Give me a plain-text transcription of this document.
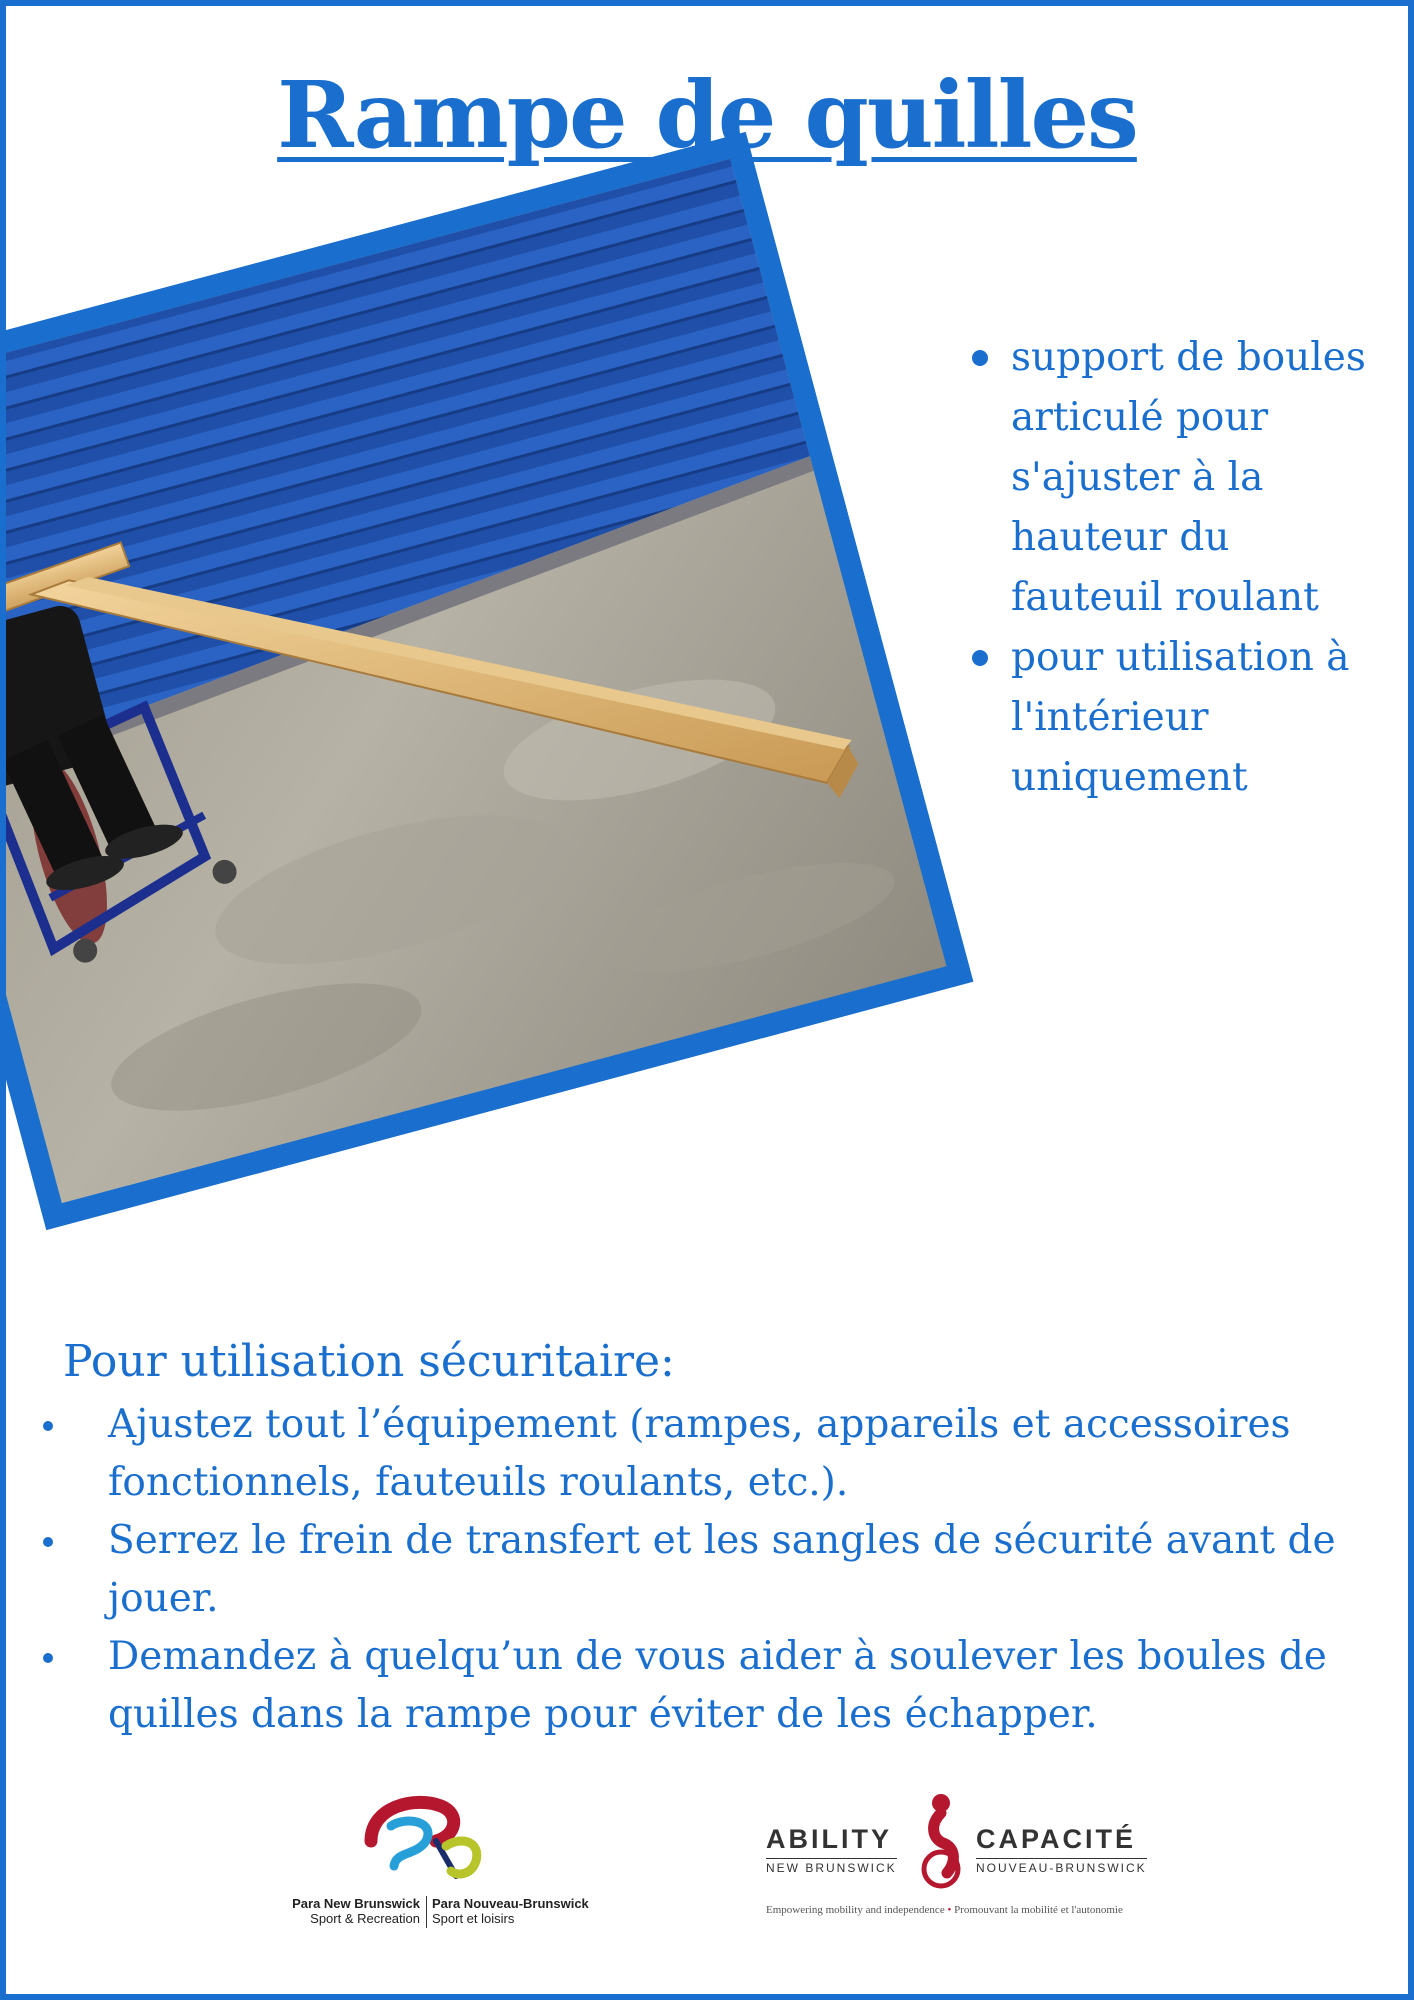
Rampe de quilles
support de boules articulé pour s'ajuster à la hauteur du fauteuil roulant
pour utilisation à l'intérieur uniquement
Pour utilisation sécuritaire:
Ajustez tout l’équipement (rampes, appareils et accessoires fonctionnels, fauteuils roulants, etc.).
Serrez le frein de transfert et les sangles de sécurité avant de jouer.
Demandez à quelqu’un de vous aider à soulever les boules de quilles dans la rampe pour éviter de les échapper.
Para New Brunswick
Sport & Recreation
Para Nouveau-Brunswick
Sport et loisirs
ABILITY
NEW BRUNSWICK
CAPACITÉ
NOUVEAU-BRUNSWICK
Empowering mobility and independence • Promouvant la mobilité et l'autonomie
